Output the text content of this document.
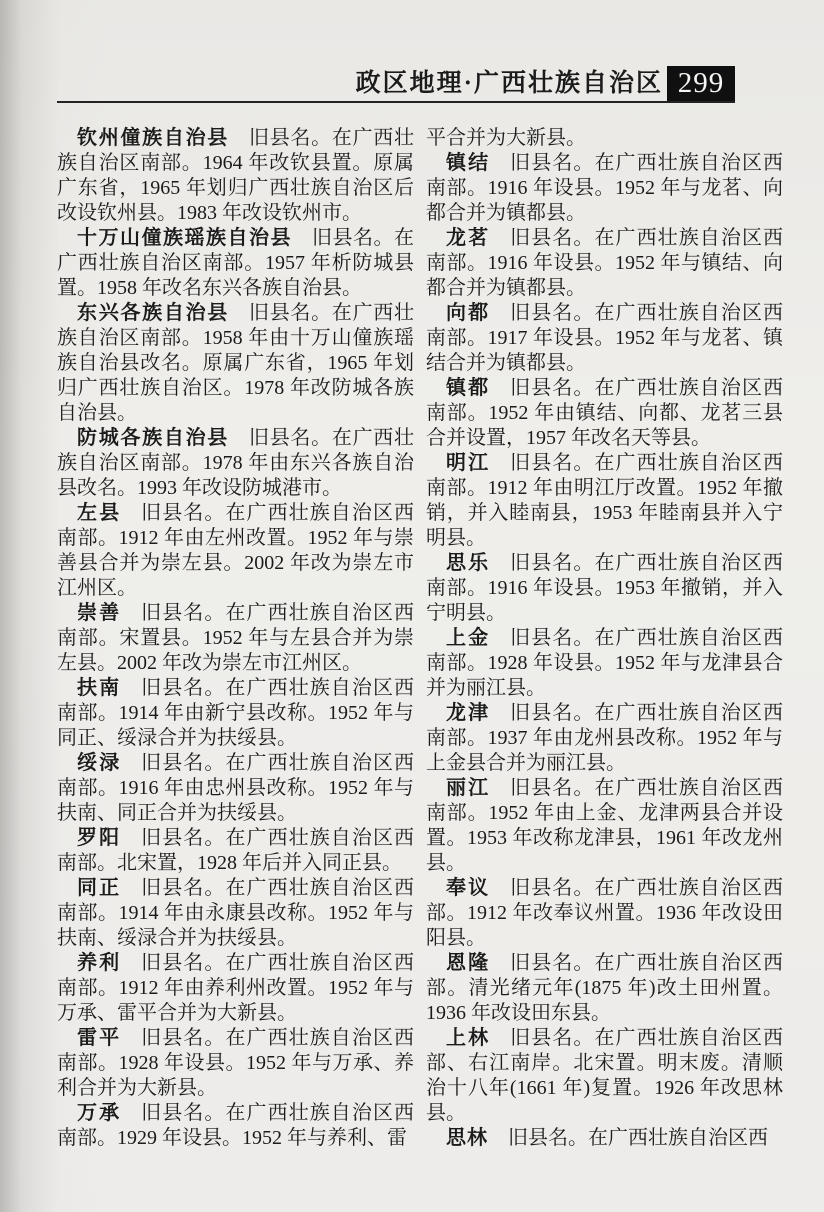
政区地理·广西壮族自治区 299

钦州僮族自治县 旧县名。在广西壮族自治区南部。1964 年改钦县置。原属广东省，1965 年划归广西壮族自治区后改设钦州县。1983 年改设钦州市。

十万山僮族瑶族自治县 旧县名。在广西壮族自治区南部。1957 年析防城县置。1958 年改名东兴各族自治县。

东兴各族自治县 旧县名。在广西壮族自治区南部。1958 年由十万山僮族瑶族自治县改名。原属广东省，1965 年划归广西壮族自治区。1978 年改防城各族自治县。

防城各族自治县 旧县名。在广西壮族自治区南部。1978 年由东兴各族自治县改名。1993 年改设防城港市。

左县 旧县名。在广西壮族自治区西南部。1912 年由左州改置。1952 年与崇善县合并为崇左县。2002 年改为崇左市江州区。

崇善 旧县名。在广西壮族自治区西南部。宋置县。1952 年与左县合并为崇左县。2002 年改为崇左市江州区。

扶南 旧县名。在广西壮族自治区西南部。1914 年由新宁县改称。1952 年与同正、绥渌合并为扶绥县。

绥渌 旧县名。在广西壮族自治区西南部。1916 年由忠州县改称。1952 年与扶南、同正合并为扶绥县。

罗阳 旧县名。在广西壮族自治区西南部。北宋置，1928 年后并入同正县。

同正 旧县名。在广西壮族自治区西南部。1914 年由永康县改称。1952 年与扶南、绥渌合并为扶绥县。

养利 旧县名。在广西壮族自治区西南部。1912 年由养利州改置。1952 年与万承、雷平合并为大新县。

雷平 旧县名。在广西壮族自治区西南部。1928 年设县。1952 年与万承、养利合并为大新县。

万承 旧县名。在广西壮族自治区西南部。1929 年设县。1952 年与养利、雷

平合并为大新县。

镇结 旧县名。在广西壮族自治区西南部。1916 年设县。1952 年与龙茗、向都合并为镇都县。

龙茗 旧县名。在广西壮族自治区西南部。1916 年设县。1952 年与镇结、向都合并为镇都县。

向都 旧县名。在广西壮族自治区西南部。1917 年设县。1952 年与龙茗、镇结合并为镇都县。

镇都 旧县名。在广西壮族自治区西南部。1952 年由镇结、向都、龙茗三县合并设置，1957 年改名天等县。

明江 旧县名。在广西壮族自治区西南部。1912 年由明江厅改置。1952 年撤销，并入睦南县，1953 年睦南县并入宁明县。

思乐 旧县名。在广西壮族自治区西南部。1916 年设县。1953 年撤销，并入宁明县。

上金 旧县名。在广西壮族自治区西南部。1928 年设县。1952 年与龙津县合并为丽江县。

龙津 旧县名。在广西壮族自治区西南部。1937 年由龙州县改称。1952 年与上金县合并为丽江县。

丽江 旧县名。在广西壮族自治区西南部。1952 年由上金、龙津两县合并设置。1953 年改称龙津县，1961 年改龙州县。

奉议 旧县名。在广西壮族自治区西部。1912 年改奉议州置。1936 年改设田阳县。

恩隆 旧县名。在广西壮族自治区西部。清光绪元年(1875 年)改土田州置。1936 年改设田东县。

上林 旧县名。在广西壮族自治区西部、右江南岸。北宋置。明末废。清顺治十八年(1661 年)复置。1926 年改思林县。

思林 旧县名。在广西壮族自治区西
